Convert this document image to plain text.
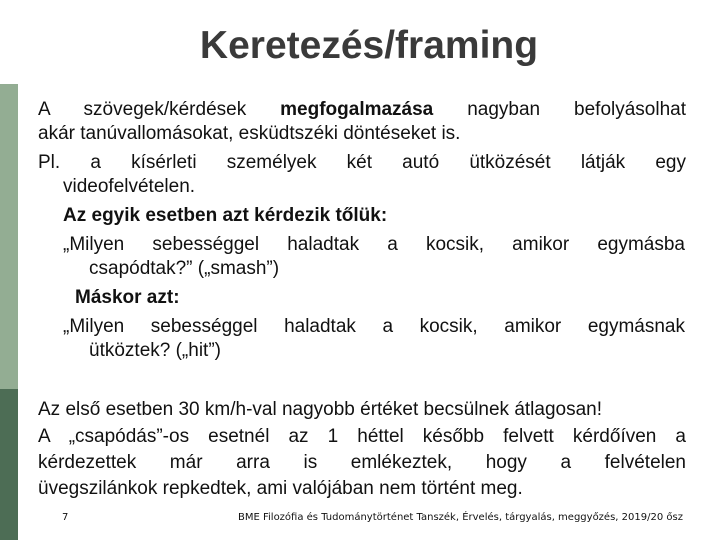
Keretezés/framing
A szövegek/kérdések megfogalmazása nagyban befolyásolhat
akár tanúvallomásokat, esküdtszéki döntéseket is.
Pl. a kísérleti személyek két autó ütközését látják egy
videofelvételen.
Az egyik esetben azt kérdezik tőlük:
„Milyen sebességgel haladtak a kocsik, amikor egymásba
csapódtak?” („smash”)
Máskor azt:
„Milyen sebességgel haladtak a kocsik, amikor egymásnak
ütköztek? („hit”)
Az első esetben 30 km/h-val nagyobb értéket becsülnek átlagosan!
A „csapódás”-os esetnél az 1 héttel később felvett kérdőíven a
kérdezettek már arra is emlékeztek, hogy a felvételen
üvegszilánkok repkedtek, ami valójában nem történt meg.
7	BME Filozófia és Tudománytörténet Tanszék, Érvelés, tárgyalás, meggyőzés, 2019/20 ősz
